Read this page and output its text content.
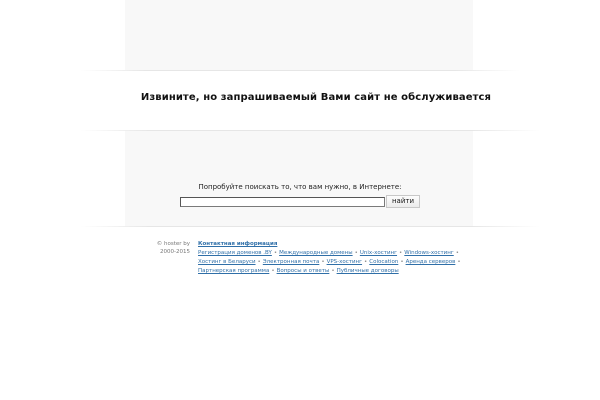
Извините, но запрашиваемый Вами сайт не обслуживается
Попробуйте поискать то, что вам нужно, в Интернете:
найти
© hoster by
2000-2015
Контактная информация
Регистрация доменов .BY • Международные домены • Unix-хостинг • Windows-хостинг •
Хостинг в Беларуси • Электронная почта • VPS-хостинг • Colocation • Аренда серверов •
Партнерская программа • Вопросы и ответы • Публичные договоры
